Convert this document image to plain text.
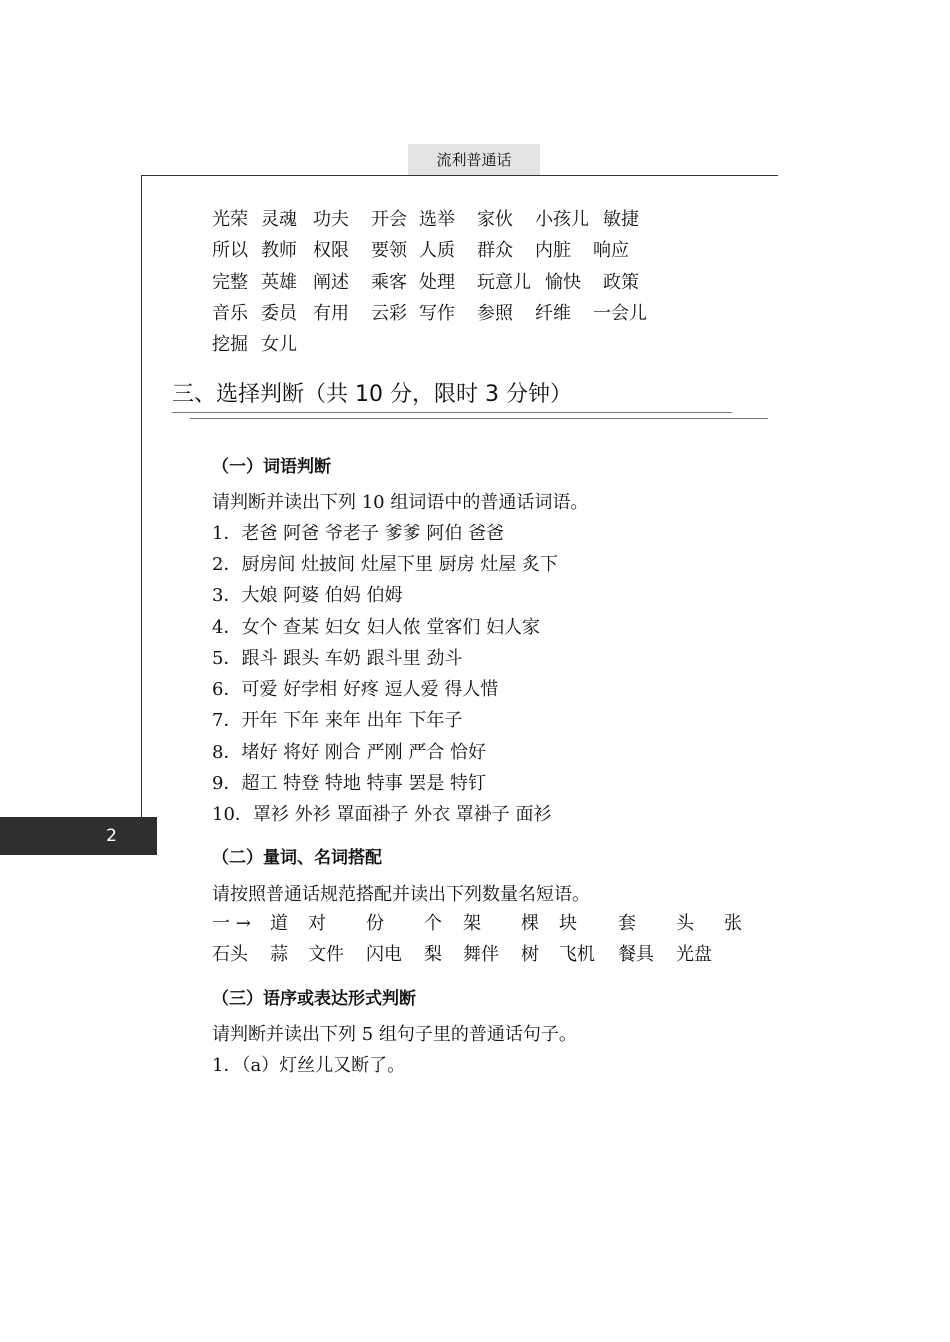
流利普通话
2
光荣 灵魂 功夫 开会 选举 家伙 小孩儿 敏捷
所以 教师 权限 要领 人质 群众 内脏 响应
完整 英雄 阐述 乘客 处理 玩意儿 愉快 政策
音乐 委员 有用 云彩 写作 参照 纤维 一会儿
挖掘 女儿
三、选择判断（共 10 分，限时 3 分钟）
（一）词语判断
请判断并读出下列 10 组词语中的普通话词语。
1．老爸 阿爸 爷老子 爹爹 阿伯 爸爸
2．厨房间 灶披间 灶屋下里 厨房 灶屋 炙下
3．大娘 阿婆 伯妈 伯姆
4．女个 查某 妇女 妇人侬 堂客们 妇人家
5．跟斗 跟头 车奶 跟斗里 劲斗
6．可爱 好孛相 好疼 逗人爱 得人惜
7．开年 下年 来年 出年 下年子
8．堵好 将好 刚合 严刚 严合 恰好
9．超工 特登 特地 特事 罢是 特钉
10．罩衫 外衫 罩面褂子 外衣 罩褂子 面衫
（二）量词、名词搭配
请按照普通话规范搭配并读出下列数量名短语。
一 → 道 对 份 个 架 棵 块 套 头 张
石头 蒜 文件 闪电 梨 舞伴 树 飞机 餐具 光盘
（三）语序或表达形式判断
请判断并读出下列 5 组句子里的普通话句子。
1．（a）灯丝儿又断了。
